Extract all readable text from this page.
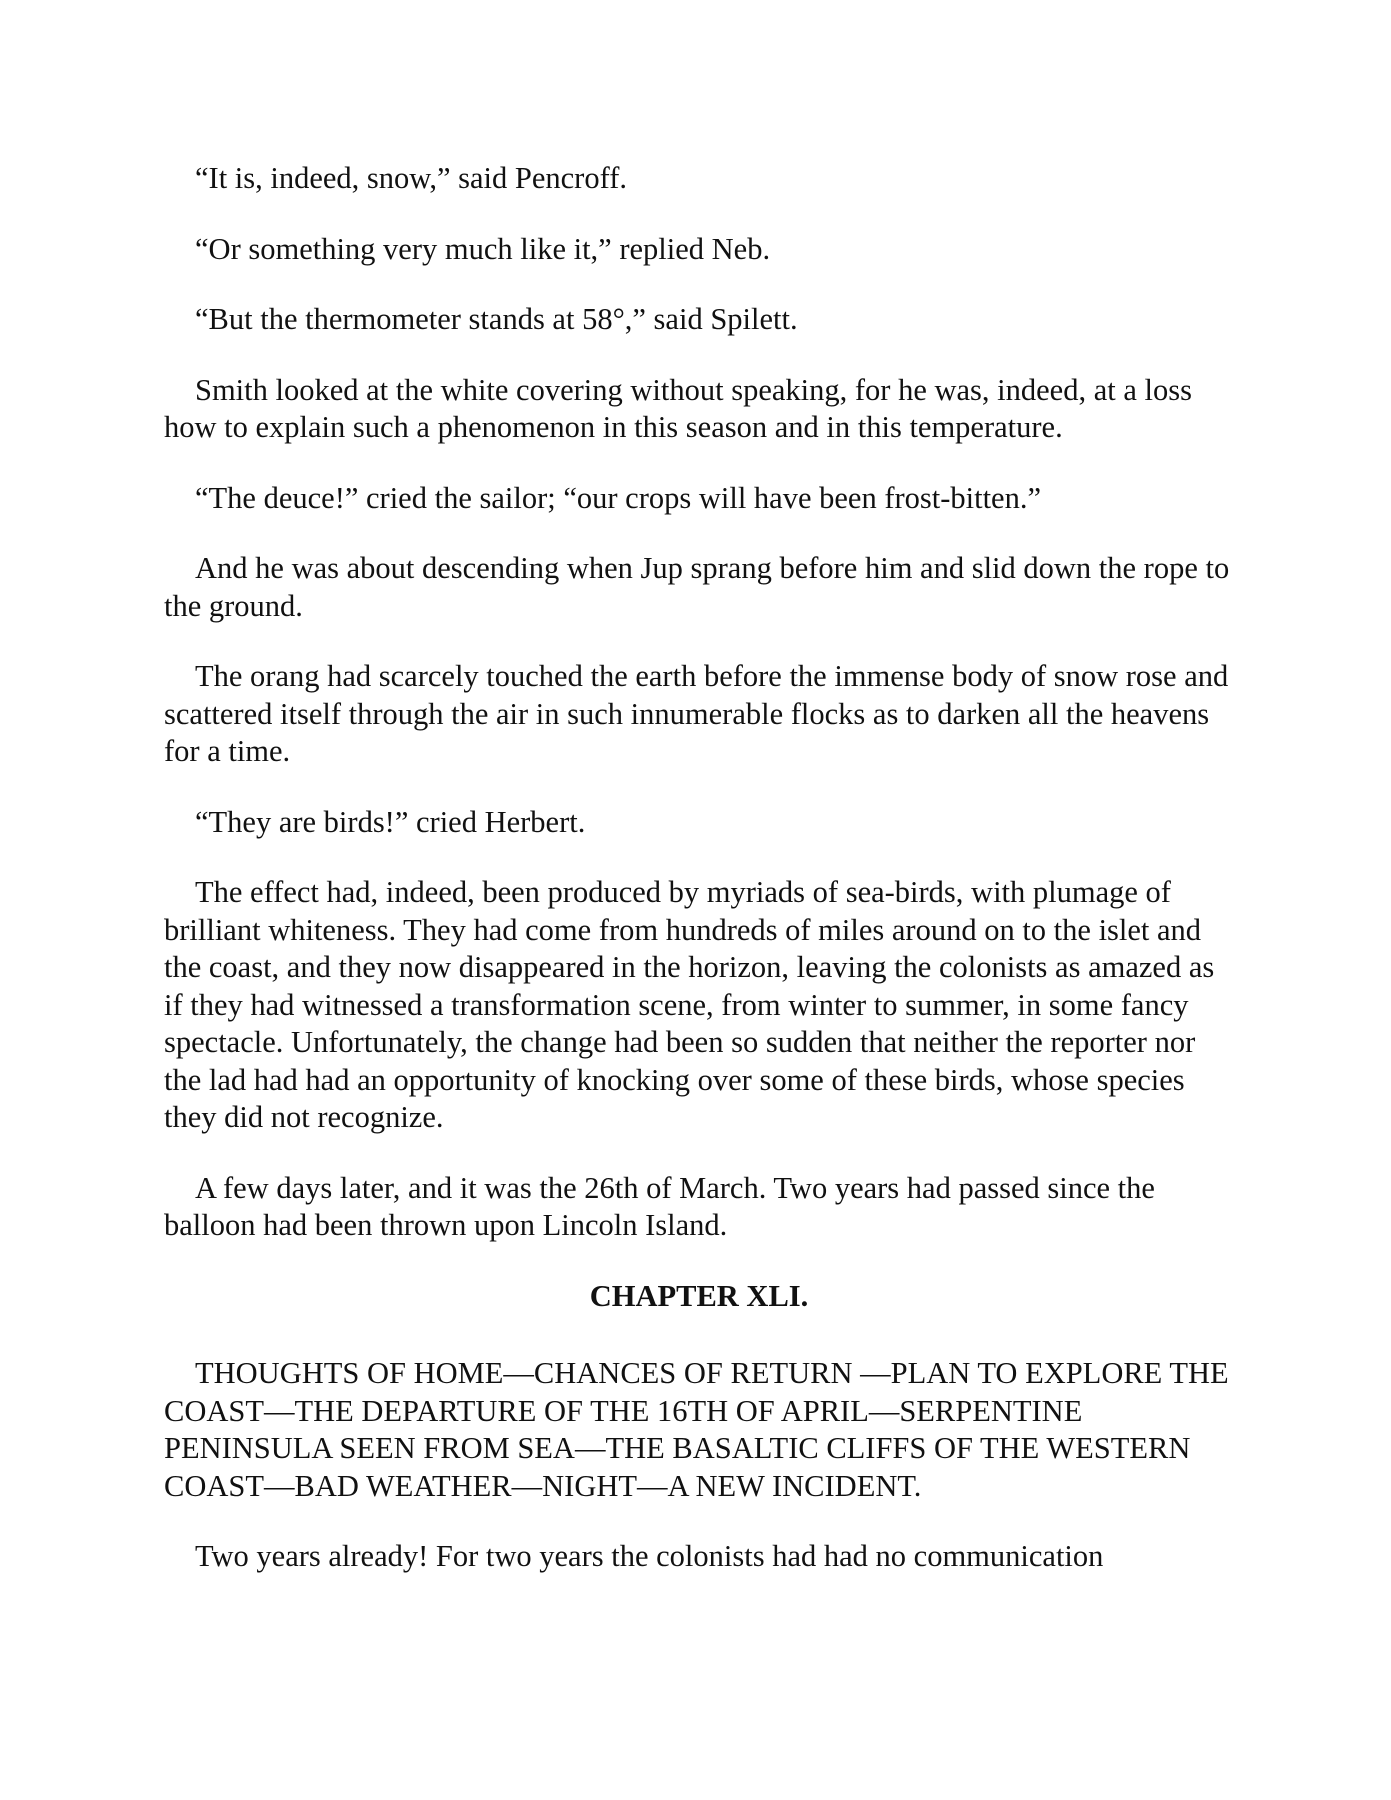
“It is, indeed, snow,” said Pencroff.

“Or something very much like it,” replied Neb.

“But the thermometer stands at 58°,” said Spilett.

Smith looked at the white covering without speaking, for he was, indeed, at a loss how to explain such a phenomenon in this season and in this temperature.

“The deuce!” cried the sailor; “our crops will have been frost-bitten.”

And he was about descending when Jup sprang before him and slid down the rope to the ground.

The orang had scarcely touched the earth before the immense body of snow rose and scattered itself through the air in such innumerable flocks as to darken all the heavens for a time.

“They are birds!” cried Herbert.

The effect had, indeed, been produced by myriads of sea-birds, with plumage of brilliant whiteness. They had come from hundreds of miles around on to the islet and the coast, and they now disappeared in the horizon, leaving the colonists as amazed as if they had witnessed a transformation scene, from winter to summer, in some fancy spectacle. Unfortunately, the change had been so sudden that neither the reporter nor the lad had had an opportunity of knocking over some of these birds, whose species they did not recognize.

A few days later, and it was the 26th of March. Two years had passed since the balloon had been thrown upon Lincoln Island.

CHAPTER XLI.

THOUGHTS OF HOME—CHANCES OF RETURN —PLAN TO EXPLORE THE COAST—THE DEPARTURE OF THE 16TH OF APRIL—SERPENTINE PENINSULA SEEN FROM SEA—THE BASALTIC CLIFFS OF THE WESTERN COAST—BAD WEATHER—NIGHT—A NEW INCIDENT.

Two years already! For two years the colonists had had no communication
